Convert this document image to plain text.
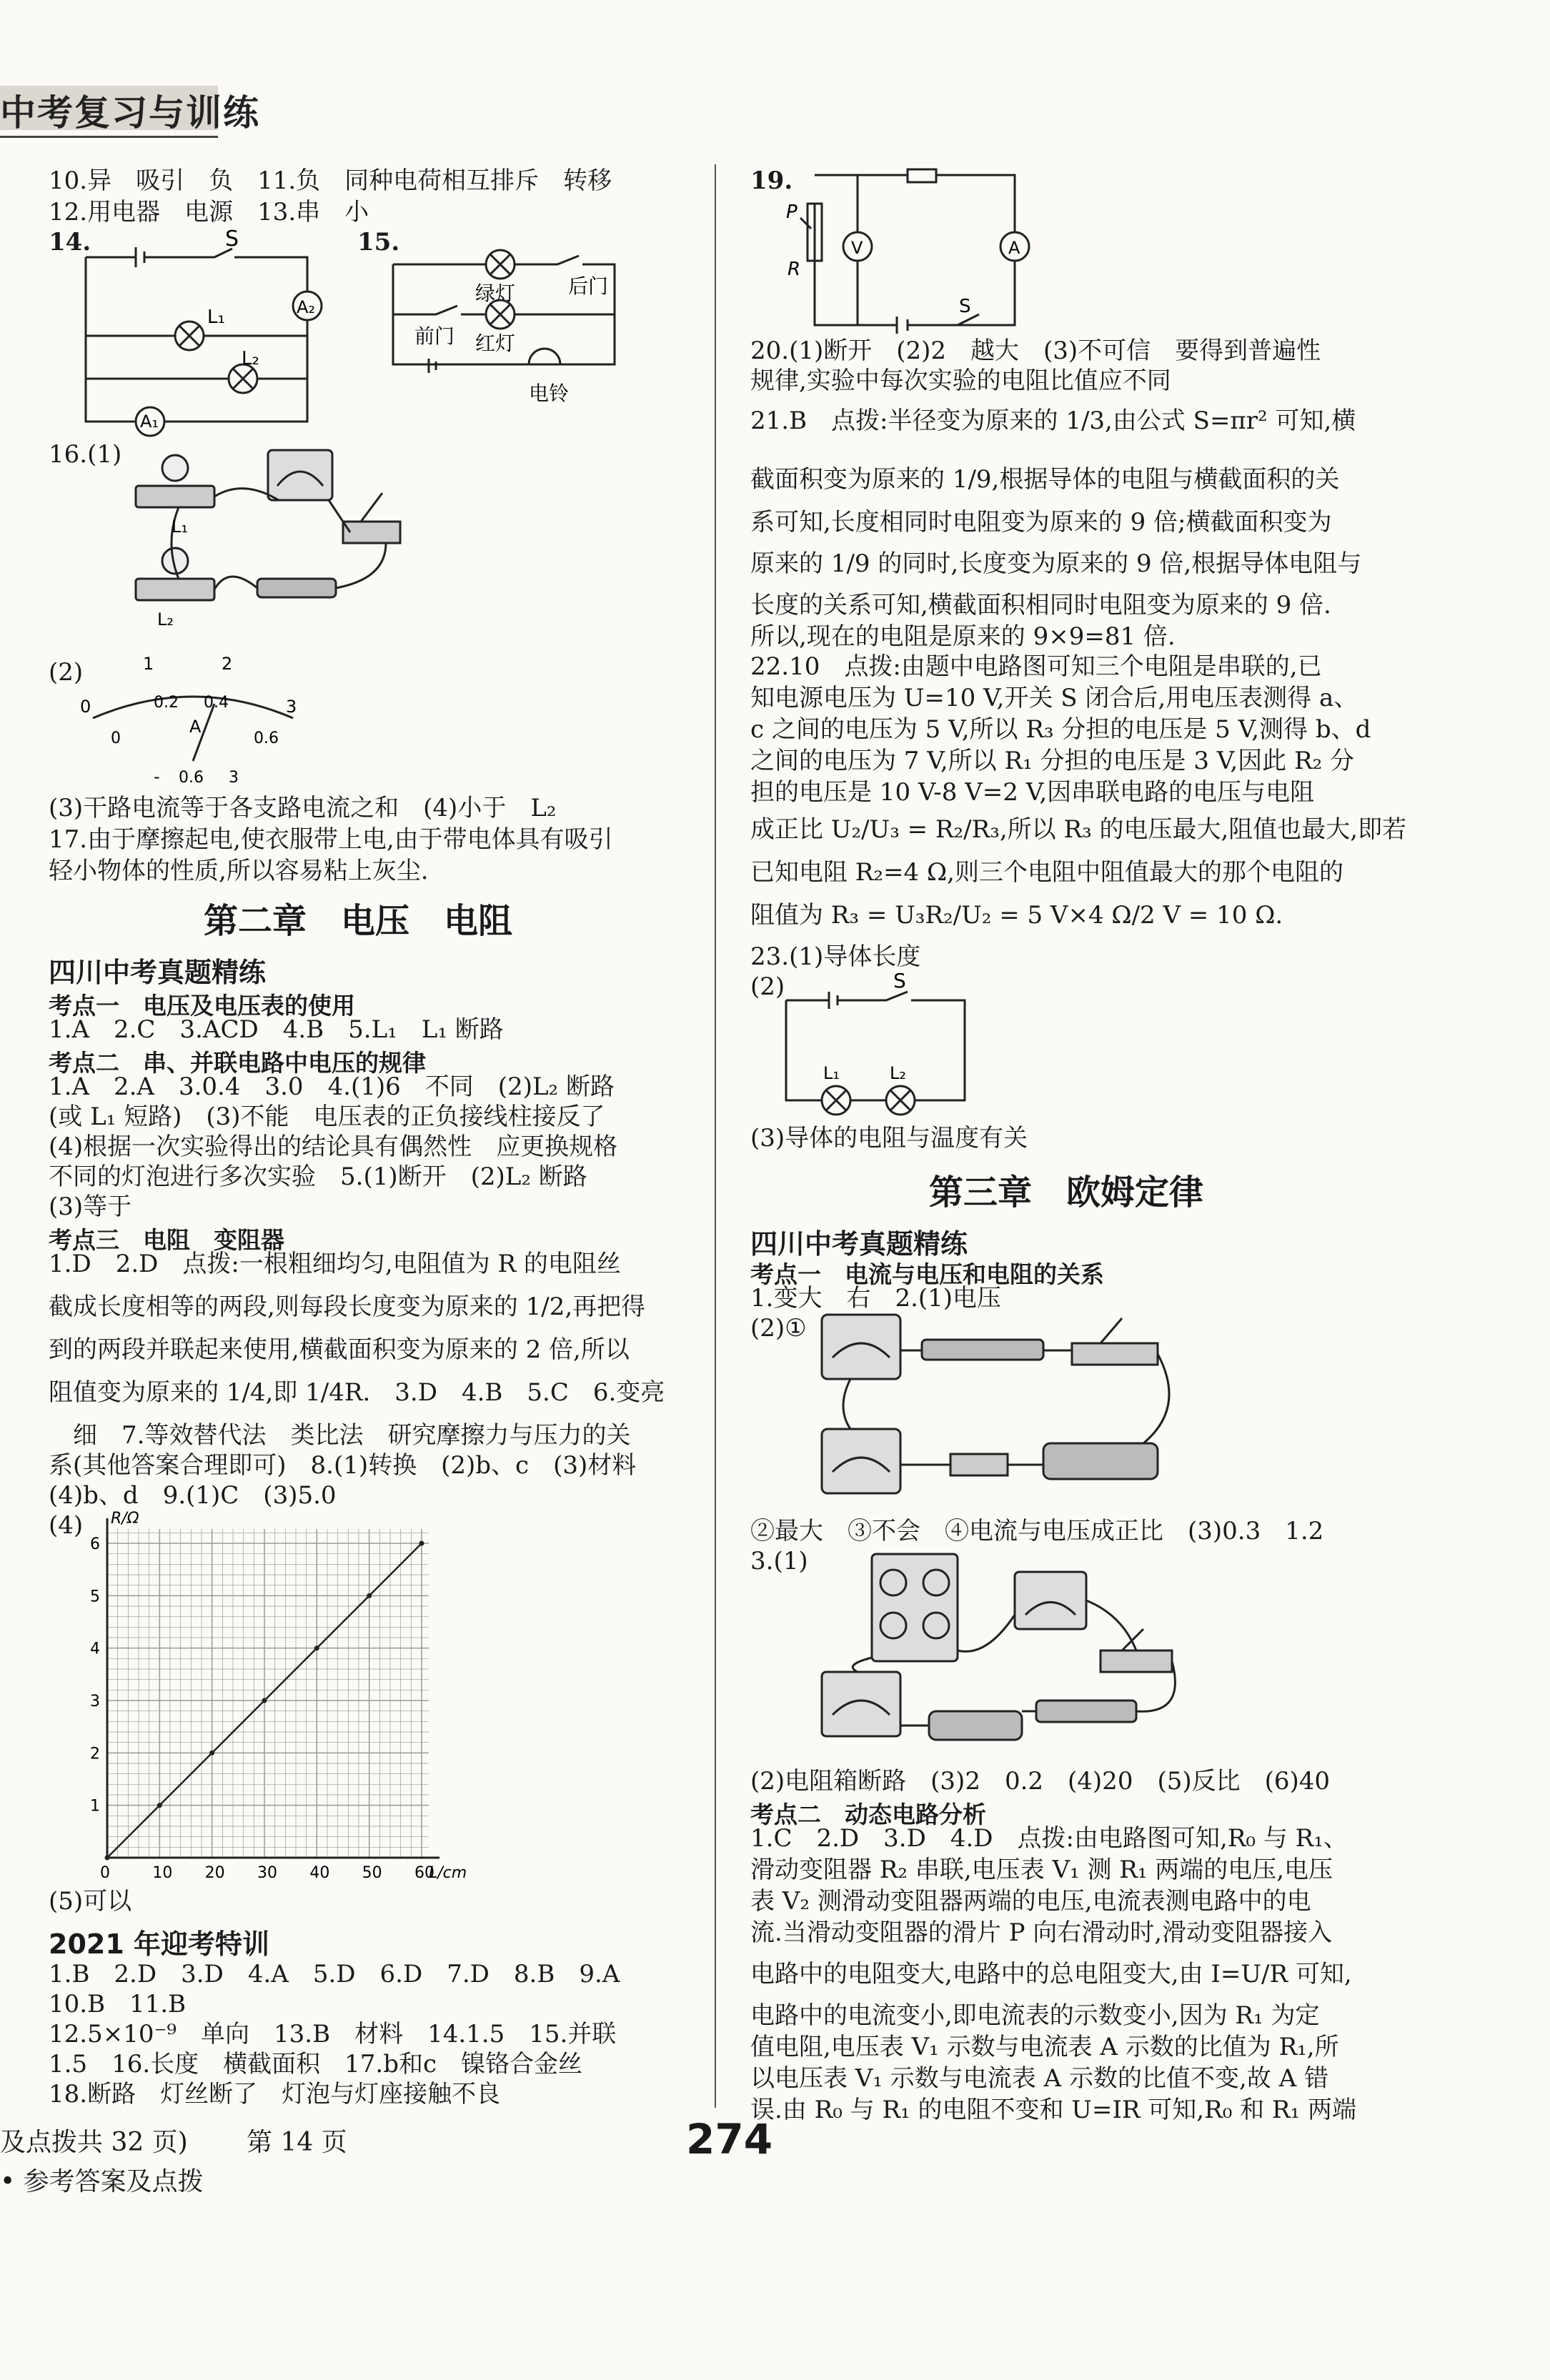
中考复习与训练
10.异　吸引　负　11.负　同种电荷相互排斥　转移
12.用电器　电源　13.串　小
14.	15.
S
A₂
L₁
L₂
A₁
绿灯	后门
前门 红灯
电铃
16.(1)
L₁
L₂
(2)	1	2
0	3
0.2 0.4
0	0.6
A
- 0.6 3
(3)干路电流等于各支路电流之和　(4)小于　L₂
17.由于摩擦起电,使衣服带上电,由于带电体具有吸引
轻小物体的性质,所以容易粘上灰尘.
第二章　电压　电阻
四川中考真题精练
考点一　电压及电压表的使用
1.A　2.C　3.ACD　4.B　5.L₁　L₁ 断路
考点二　串、并联电路中电压的规律
1.A　2.A　3.0.4　3.0　4.(1)6　不同　(2)L₂ 断路
(或 L₁ 短路)　(3)不能　电压表的正负接线柱接反了
(4)根据一次实验得出的结论具有偶然性　应更换规格
不同的灯泡进行多次实验　5.(1)断开　(2)L₂ 断路
(3)等于
考点三　电阻　变阻器
1.D　2.D　点拨:一根粗细均匀,电阻值为 R 的电阻丝
截成长度相等的两段,则每段长度变为原来的 1/2,再把得
到的两段并联起来使用,横截面积变为原来的 2 倍,所以
阻值变为原来的 1/4,即 1/4R.　3.D　4.B　5.C　6.变亮
　细　7.等效替代法　类比法　研究摩擦力与压力的关
系(其他答案合理即可)　8.(1)转换　(2)b、c　(3)材料
(4)b、d　9.(1)C　(3)5.0
(4) R/Ω
L/cm
0	10 20 30 40 50 60
1
2
3
4
5
6
(5)可以
2021 年迎考特训
1.B　2.D　3.D　4.A　5.D　6.D　7.D　8.B　9.A
10.B　11.B
12.5×10⁻⁹　单向　13.B　材料　14.1.5　15.并联
1.5　16.长度　横截面积　17.b和c　镍铬合金丝
18.断路　灯丝断了　灯泡与灯座接触不良
19.
P
R
V	A
S
20.(1)断开　(2)2　越大　(3)不可信　要得到普遍性
规律,实验中每次实验的电阻比值应不同
21.B　点拨:半径变为原来的 1/3,由公式 S=πr² 可知,横
截面积变为原来的 1/9,根据导体的电阻与横截面积的关
系可知,长度相同时电阻变为原来的 9 倍;横截面积变为
原来的 1/9 的同时,长度变为原来的 9 倍,根据导体电阻与
长度的关系可知,横截面积相同时电阻变为原来的 9 倍.
所以,现在的电阻是原来的 9×9=81 倍.
22.10　点拨:由题中电路图可知三个电阻是串联的,已
知电源电压为 U=10 V,开关 S 闭合后,用电压表测得 a、
c 之间的电压为 5 V,所以 R₃ 分担的电压是 5 V,测得 b、d
之间的电压为 7 V,所以 R₁ 分担的电压是 3 V,因此 R₂ 分
担的电压是 10 V-8 V=2 V,因串联电路的电压与电阻
成正比 U₂/U₃ = R₂/R₃,所以 R₃ 的电压最大,阻值也最大,即若
已知电阻 R₂=4 Ω,则三个电阻中阻值最大的那个电阻的
阻值为 R₃ = U₃R₂/U₂ = 5 V×4 Ω/2 V = 10 Ω.
23.(1)导体长度
(2)	S
L₁	L₂
(3)导体的电阻与温度有关
第三章　欧姆定律
四川中考真题精练
考点一　电流与电压和电阻的关系
1.变大　右　2.(1)电压
(2)①
②最大　③不会　④电流与电压成正比　(3)0.3　1.2
3.(1)
(2)电阻箱断路　(3)2　0.2　(4)20　(5)反比　(6)40
考点二　动态电路分析
1.C　2.D　3.D　4.D　点拨:由电路图可知,R₀ 与 R₁、
滑动变阻器 R₂ 串联,电压表 V₁ 测 R₁ 两端的电压,电压
表 V₂ 测滑动变阻器两端的电压,电流表测电路中的电
流.当滑动变阻器的滑片 P 向右滑动时,滑动变阻器接入
电路中的电阻变大,电路中的总电阻变大,由 I=U/R 可知,
电路中的电流变小,即电流表的示数变小,因为 R₁ 为定
值电阻,电压表 V₁ 示数与电流表 A 示数的比值为 R₁,所
以电压表 V₁ 示数与电流表 A 示数的比值不变,故 A 错
误.由 R₀ 与 R₁ 的电阻不变和 U=IR 可知,R₀ 和 R₁ 两端
及点拨共 32 页) 第 14 页	274
• 参考答案及点拨
